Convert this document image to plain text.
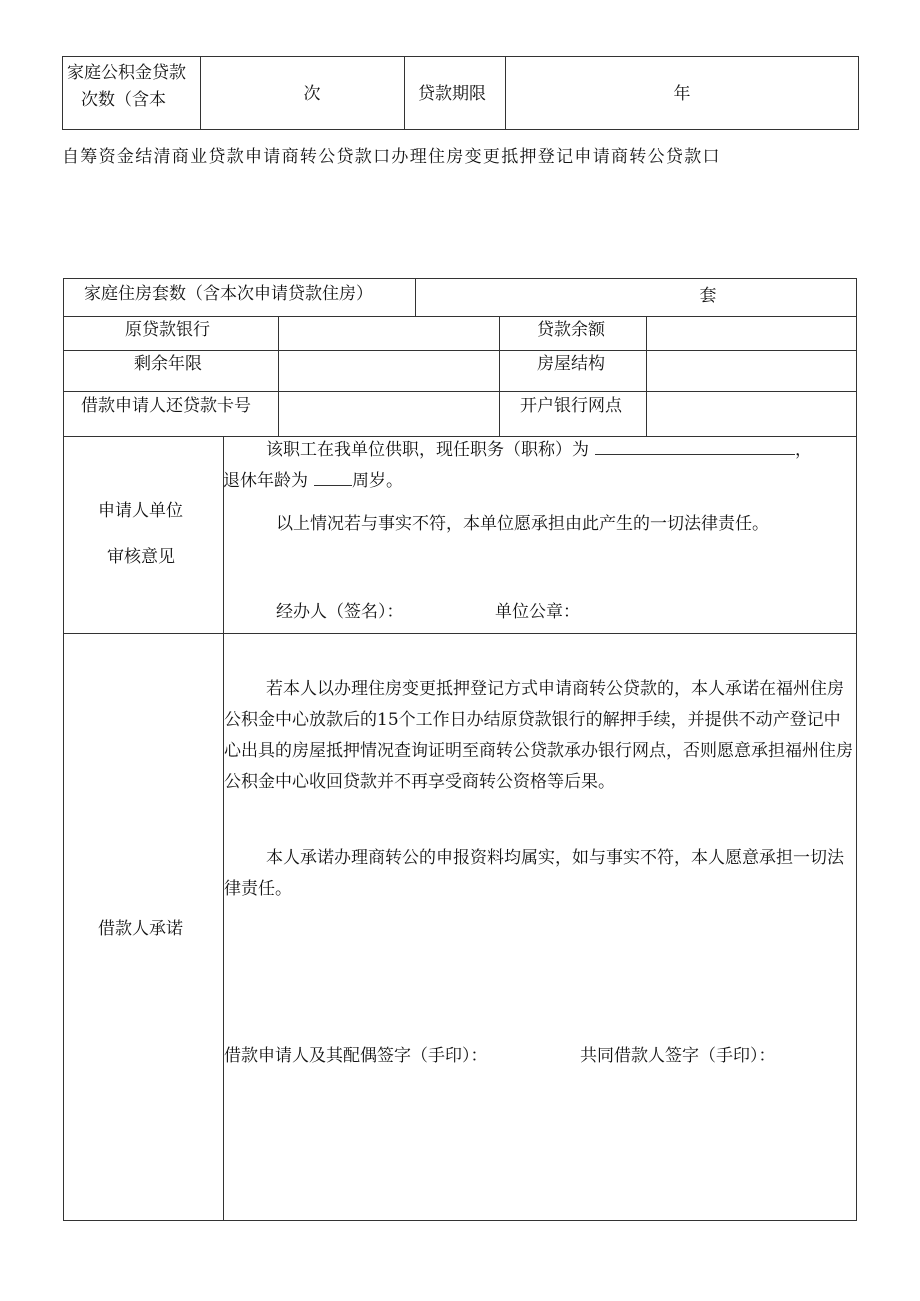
家庭公积金贷款
次数（含本	次	贷款期限	年
自筹资金结清商业贷款申请商转公贷款口办理住房变更抵押登记申请商转公贷款口
家庭住房套数（含本次申请贷款住房）	套
原贷款银行	贷款余额
剩余年限	房屋结构
借款申请人还贷款卡号	开户银行网点
申请人单位
审核意见
该职工在我单位供职，现任职务（职称）为	，
退休年龄为	周岁。
以上情况若与事实不符，本单位愿承担由此产生的一切法律责任。
经办人（签名）：	单位公章：
借款人承诺
若本人以办理住房变更抵押登记方式申请商转公贷款的，本人承诺在福州住房公积金中心放款后的15个工作日办结原贷款银行的解押手续，并提供不动产登记中心出具的房屋抵押情况查询证明至商转公贷款承办银行网点，否则愿意承担福州住房公积金中心收回贷款并不再享受商转公资格等后果。
本人承诺办理商转公的申报资料均属实，如与事实不符，本人愿意承担一切法律责任。
借款申请人及其配偶签字（手印）：	共同借款人签字（手印）：
